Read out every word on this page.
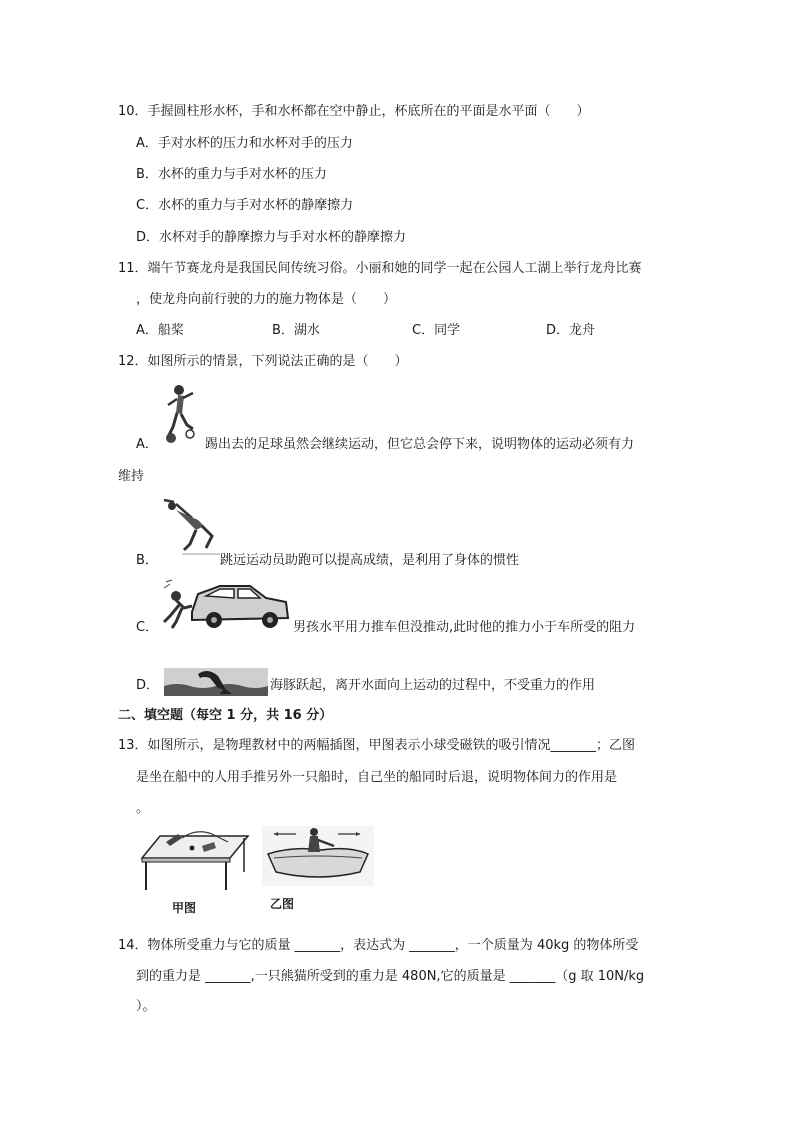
10．手握圆柱形水杯，手和水杯都在空中静止，杯底所在的平面是水平面（　　）
A．手对水杯的压力和水杯对手的压力
B．水杯的重力与手对水杯的压力
C．水杯的重力与手对水杯的静摩擦力
D．水杯对手的静摩擦力与手对水杯的静摩擦力
11．端午节赛龙舟是我国民间传统习俗。小丽和她的同学一起在公园人工湖上举行龙舟比赛
，使龙舟向前行驶的力的施力物体是（　　）
A．船桨	B．湖水	C．同学	D．龙舟
12．如图所示的情景，下列说法正确的是（　　）
A．	踢出去的足球虽然会继续运动，但它总会停下来，说明物体的运动必须有力
维持
B．	跳远运动员助跑可以提高成绩，是利用了身体的惯性
C．	男孩水平用力推车但没推动,此时他的推力小于车所受的阻力
D．	海豚跃起，离开水面向上运动的过程中，不受重力的作用
二、填空题（每空 1 分，共 16 分）
13．如图所示，是物理教材中的两幅插图，甲图表示小球受磁铁的吸引情况_______；乙图
是坐在船中的人用手推另外一只船时，自己坐的船同时后退，说明物体间力的作用是
。
甲图	乙图
14．物体所受重力与它的质量 _______，表达式为 _______，一个质量为 40kg 的物体所受
到的重力是 _______,一只熊猫所受到的重力是 480N,它的质量是 _______（g 取 10N/kg
）。
